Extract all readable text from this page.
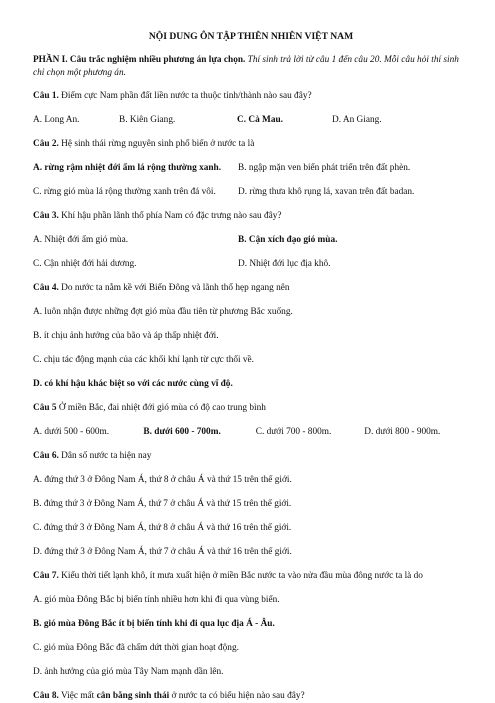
NỘI DUNG ÔN TẬP THIÊN NHIÊN VIỆT NAM
PHẦN I. Câu trắc nghiệm nhiều phương án lựa chọn. Thí sinh trả lời từ câu 1 đến câu 20. Mỗi câu hỏi thí sinh chỉ chọn một phương án.
Câu 1. Điểm cực Nam phần đất liền nước ta thuộc tỉnh/thành nào sau đây?
A. Long An.	B. Kiên Giang.	C. Cà Mau.	D. An Giang.
Câu 2. Hệ sinh thái rừng nguyên sinh phổ biến ở nước ta là
A. rừng rậm nhiệt đới ẩm lá rộng thường xanh.	B. ngập mặn ven biển phát triển trên đất phèn.
C. rừng gió mùa lá rộng thường xanh trên đá vôi.	D. rừng thưa khô rụng lá, xavan trên đất badan.
Câu 3. Khí hậu phần lãnh thổ phía Nam có đặc trưng nào sau đây?
A. Nhiệt đới ẩm gió mùa.	B. Cận xích đạo gió mùa.
C. Cận nhiệt đới hải dương.	D. Nhiệt đới lục địa khô.
Câu 4. Do nước ta nằm kề với Biển Đông và lãnh thổ hẹp ngang nên
A. luôn nhận được những đợt gió mùa đầu tiên từ phương Bắc xuống.
B. ít chịu ảnh hưởng của bão và áp thấp nhiệt đới.
C. chịu tác động mạnh của các khối khí lạnh từ cực thổi về.
D. có khí hậu khác biệt so với các nước cùng vĩ độ.
Câu 5 Ở miền Bắc, đai nhiệt đới gió mùa có độ cao trung bình
A. dưới 500 - 600m.	B. dưới 600 - 700m.	C. dưới 700 - 800m.	D. dưới 800 - 900m.
Câu 6. Dân số nước ta hiện nay
A. đứng thứ 3 ở Đông Nam Á, thứ 8 ở châu Á và thứ 15 trên thế giới.
B. đứng thứ 3 ở Đông Nam Á, thứ 7 ở châu Á và thứ 15 trên thế giới.
C. đứng thứ 3 ở Đông Nam Á, thứ 8 ở châu Á và thứ 16 trên thế giới.
D. đứng thứ 3 ở Đông Nam Á, thứ 7 ở châu Á và thứ 16 trên thế giới.
Câu 7. Kiểu thời tiết lạnh khô, ít mưa xuất hiện ở miền Bắc nước ta vào nửa đầu mùa đông nước ta là do
A. gió mùa Đông Bắc bị biến tính nhiều hơn khi đi qua vùng biển.
B. gió mùa Đông Bắc ít bị biến tính khi đi qua lục địa Á - Âu.
C. gió mùa Đông Bắc đã chấm dứt thời gian hoạt động.
D. ảnh hưởng của gió mùa Tây Nam mạnh dần lên.
Câu 8. Việc mất cân bằng sinh thái ở nước ta có biểu hiện nào sau đây?
